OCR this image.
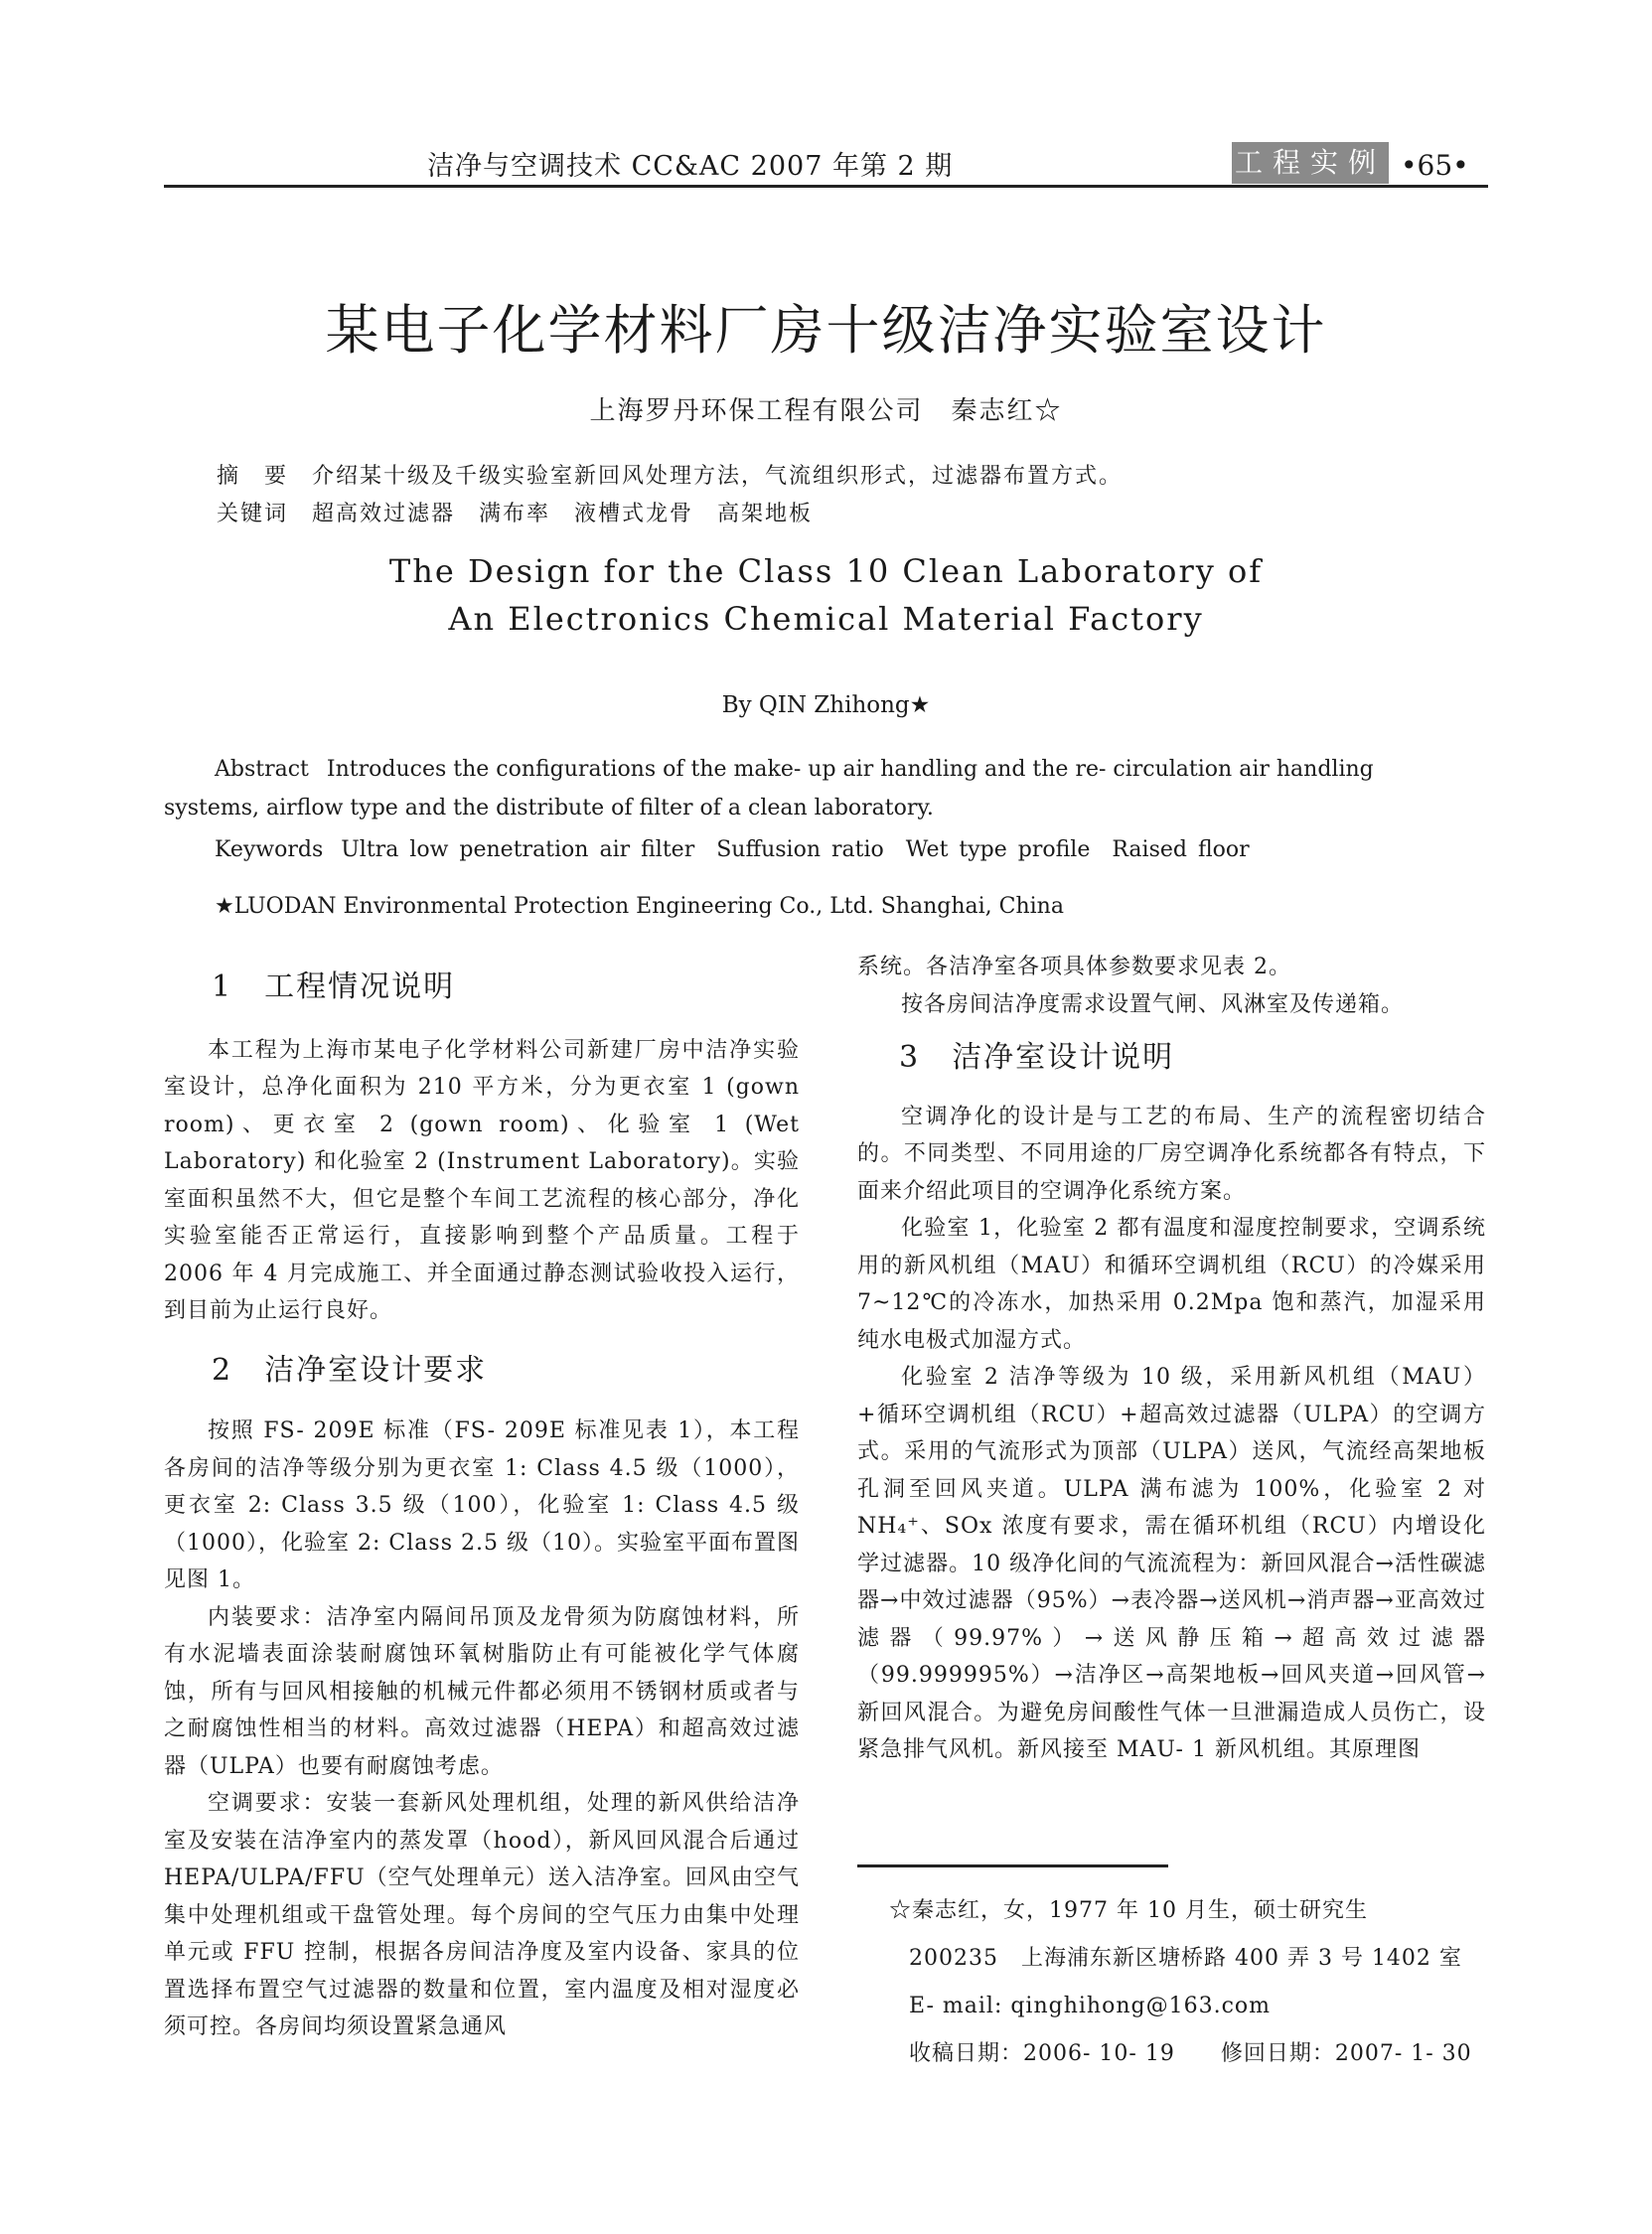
洁净与空调技术 CC&AC 2007 年第 2 期	工程实例 •65•
某电子化学材料厂房十级洁净实验室设计
上海罗丹环保工程有限公司　秦志红☆
摘　要 介绍某十级及千级实验室新回风处理方法，气流组织形式，过滤器布置方式。
关键词 超高效过滤器　满布率　液槽式龙骨　高架地板
The Design for the Class 10 Clean Laboratory of
An Electronics Chemical Material Factory
By QIN Zhihong★
Abstract Introduces the configurations of the make- up air handling and the re- circulation air handling systems, airflow type and the distribute of filter of a clean laboratory.
Keywords Ultra low penetration air filter　Suffusion ratio　Wet type profile　Raised floor
★LUODAN Environmental Protection Engineering Co., Ltd. Shanghai, China
1　工程情况说明

本工程为上海市某电子化学材料公司新建厂房中洁净实验室设计，总净化面积为 210 平方米，分为更衣室 1 (gown room)、更衣室 2 (gown room)、化验室 1 (Wet Laboratory) 和化验室 2 (Instrument Laboratory)。实验室面积虽然不大，但它是整个车间工艺流程的核心部分，净化实验室能否正常运行，直接影响到整个产品质量。工程于 2006 年 4 月完成施工、并全面通过静态测试验收投入运行，到目前为止运行良好。

2　洁净室设计要求

按照 FS- 209E 标准（FS- 209E 标准见表 1），本工程各房间的洁净等级分别为更衣室 1: Class 4.5 级（1000），更衣室 2: Class 3.5 级（100），化验室 1: Class 4.5 级（1000），化验室 2: Class 2.5 级（10）。实验室平面布置图见图 1。

内装要求：洁净室内隔间吊顶及龙骨须为防腐蚀材料，所有水泥墙表面涂装耐腐蚀环氧树脂防止有可能被化学气体腐蚀，所有与回风相接触的机械元件都必须用不锈钢材质或者与之耐腐蚀性相当的材料。高效过滤器（HEPA）和超高效过滤器（ULPA）也要有耐腐蚀考虑。

空调要求：安装一套新风处理机组，处理的新风供给洁净室及安装在洁净室内的蒸发罩（hood），新风回风混合后通过 HEPA/ULPA/FFU（空气处理单元）送入洁净室。回风由空气集中处理机组或干盘管处理。每个房间的空气压力由集中处理单元或 FFU 控制，根据各房间洁净度及室内设备、家具的位置选择布置空气过滤器的数量和位置，室内温度及相对湿度必须可控。各房间均须设置紧急通风

系统。各洁净室各项具体参数要求见表 2。

按各房间洁净度需求设置气闸、风淋室及传递箱。

3　洁净室设计说明

空调净化的设计是与工艺的布局、生产的流程密切结合的。不同类型、不同用途的厂房空调净化系统都各有特点，下面来介绍此项目的空调净化系统方案。

化验室 1，化验室 2 都有温度和湿度控制要求，空调系统用的新风机组（MAU）和循环空调机组（RCU）的冷媒采用 7~12℃的冷冻水，加热采用 0.2Mpa 饱和蒸汽，加湿采用纯水电极式加湿方式。

化验室 2 洁净等级为 10 级，采用新风机组（MAU）+循环空调机组（RCU）+超高效过滤器（ULPA）的空调方式。采用的气流形式为顶部（ULPA）送风，气流经高架地板孔洞至回风夹道。ULPA 满布滤为 100%，化验室 2 对 NH₄⁺、SOx 浓度有要求，需在循环机组（RCU）内增设化学过滤器。10 级净化间的气流流程为：新回风混合→活性碳滤器→中效过滤器（95%）→表冷器→送风机→消声器→亚高效过滤器（99.97%）→送风静压箱→超高效过滤器（99.999995%）→洁净区→高架地板→回风夹道→回风管→新回风混合。为避免房间酸性气体一旦泄漏造成人员伤亡，设紧急排气风机。新风接至 MAU- 1 新风机组。其原理图

☆秦志红，女，1977 年 10 月生，硕士研究生
200235　上海浦东新区塘桥路 400 弄 3 号 1402 室
E- mail: qinghihong@163.com
收稿日期：2006- 10- 19　　修回日期：2007- 1- 30
